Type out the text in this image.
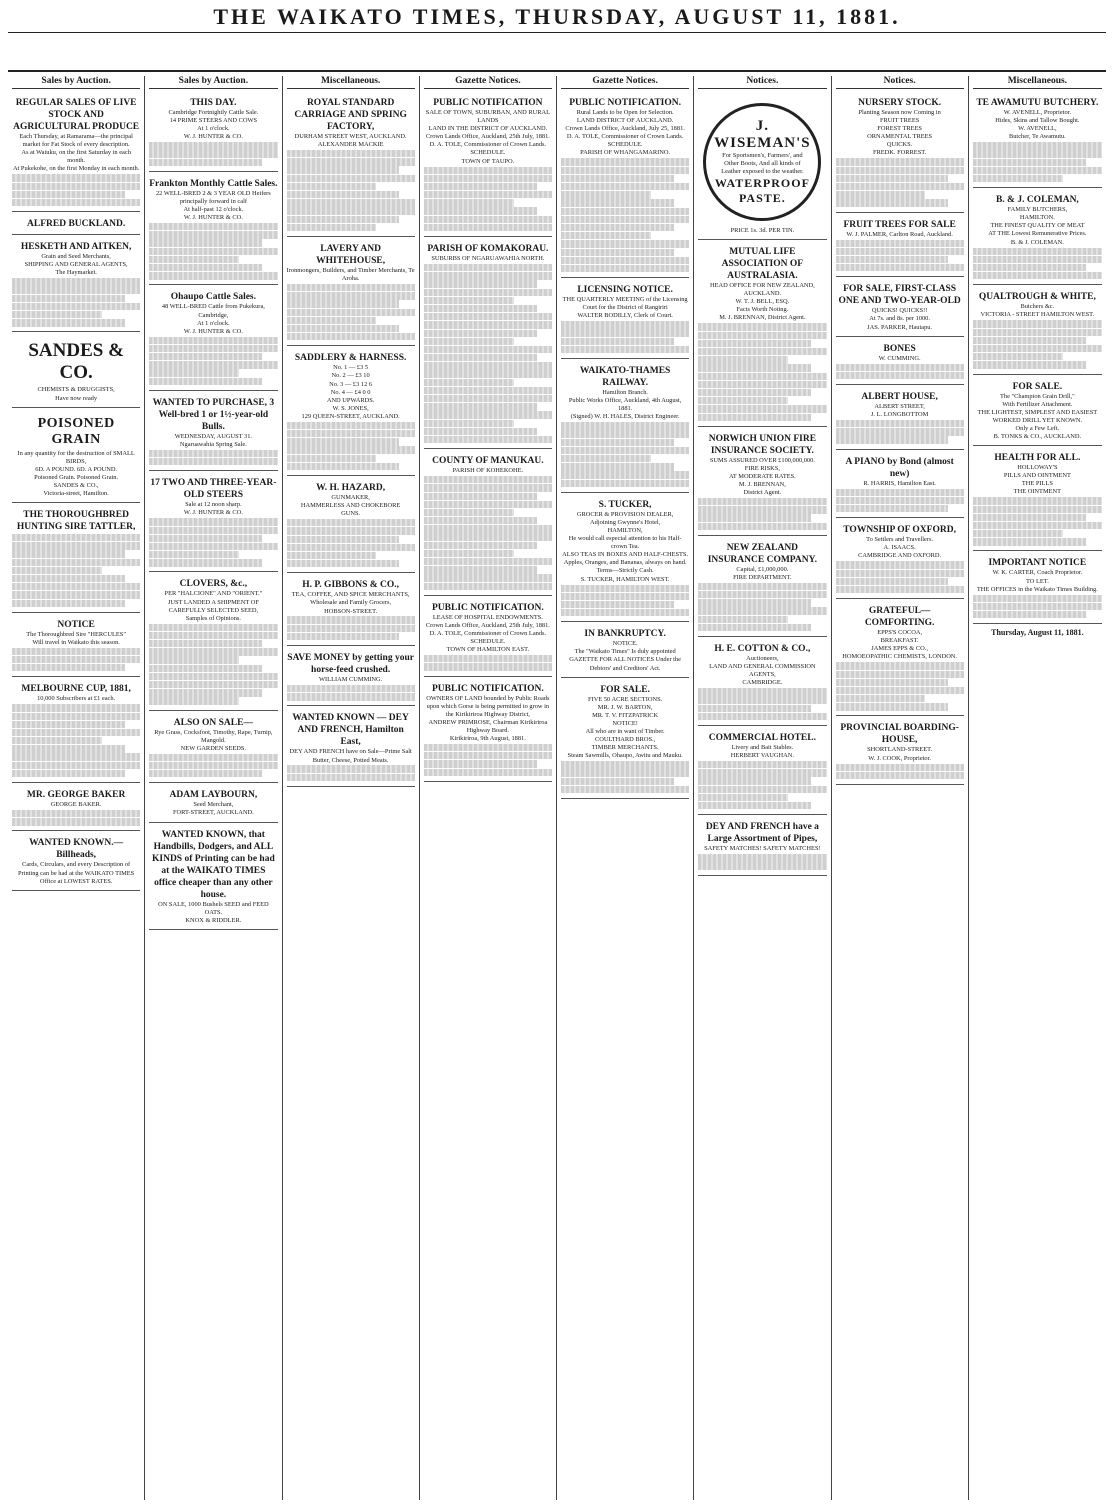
THE WAIKATO TIMES, THURSDAY, AUGUST 11, 1881.
Sales by Auction.
REGULAR SALES OF LIVE STOCK AND AGRICULTURAL PRODUCE
Each Thursday, at Ramarama—the principal market for Fat Stock of every description.
As at Waiuku, on the first Saturday in each month.
At Pukekohe, on the first Monday in each month.
ALFRED BUCKLAND.
HESKETH AND AITKEN,
Grain and Seed Merchants,
SHIPPING AND GENERAL AGENTS,
The Haymarket.
SANDES & CO.
CHEMISTS & DRUGGISTS,
Have now ready
POISONED GRAIN
In any quantity for the destruction of SMALL BIRDS,
6D. A POUND. 6D. A POUND.
Poisoned Grain. Poisoned Grain.
SANDES & CO.,
Victoria-street, Hamilton.
THE THOROUGHBRED HUNTING SIRE TATTLER,
NOTICE
The Thoroughbred Sire "HERCULES"
Will travel in Waikato this season.
MELBOURNE CUP, 1881,
10,000 Subscribers at £1 each.
MR. GEORGE BAKER
GEORGE BAKER.
WANTED KNOWN.—Billheads,
Cards, Circulars, and every Description of Printing can be had at the WAIKATO TIMES Office at LOWEST RATES.
Sales by Auction.
THIS DAY.
Cambridge Fortnightly Cattle Sale.
14 PRIME STEERS AND COWS
At 1 o'clock.
W. J. HUNTER & CO.
Frankton Monthly Cattle Sales.
22 WELL-BRED 2 & 3 YEAR OLD Heifers principally forward in calf
At half-past 12 o'clock.
W. J. HUNTER & CO.
Ohaupo Cattle Sales.
48 WELL-BRED Cattle from Pukekura, Cambridge,
At 1 o'clock.
W. J. HUNTER & CO.
WANTED TO PURCHASE, 3 Well-bred 1 or 1½-year-old Bulls.
WEDNESDAY, AUGUST 31.
Ngaruawahia Spring Sale.
17 TWO AND THREE-YEAR-OLD STEERS
Sale at 12 noon sharp.
W. J. HUNTER & CO.
CLOVERS, &c.,
PER "HALCIONE" AND "ORIENT."
JUST LANDED A SHIPMENT OF CAREFULLY SELECTED SEED,
Samples of Opinions.
ALSO ON SALE—
Rye Grass, Cocksfoot, Timothy, Rape, Turnip, Mangold.
NEW GARDEN SEEDS.
ADAM LAYBOURN,
Seed Merchant,
FORT-STREET, AUCKLAND.
WANTED KNOWN, that Handbills, Dodgers, and ALL KINDS of Printing can be had at the WAIKATO TIMES office cheaper than any other house.
ON SALE, 1000 Bushels SEED and FEED OATS.
KNOX & RIDDLER.
Miscellaneous.
ROYAL STANDARD CARRIAGE AND SPRING FACTORY,
DURHAM STREET WEST, AUCKLAND.
ALEXANDER MACKIE
LAVERY AND WHITEHOUSE,
Ironmongers, Builders, and Timber Merchants, Te Aroha.
SADDLERY & HARNESS.
No. 1 — £3 5
No. 2 — £3 10
No. 3 — £3 12 6
No. 4 — £4 0 0
AND UPWARDS.
W. S. JONES,
129 QUEEN-STREET, AUCKLAND.
W. H. HAZARD,
GUNMAKER,
HAMMERLESS AND CHOKEBORE
GUNS.
H. P. GIBBONS & CO.,
TEA, COFFEE, AND SPICE MERCHANTS,
Wholesale and Family Grocers,
HOBSON-STREET.
SAVE MONEY by getting your horse-feed crushed.
WILLIAM CUMMING.
WANTED KNOWN — DEY AND FRENCH, Hamilton East,
DEY AND FRENCH have on Sale—Prime Salt Butter, Cheese, Potted Meats.
Gazette Notices.
PUBLIC NOTIFICATION
SALE OF TOWN, SUBURBAN, AND RURAL LANDS
LAND IN THE DISTRICT OF AUCKLAND.
Crown Lands Office, Auckland, 25th July, 1881.
D. A. TOLE, Commissioner of Crown Lands.
SCHEDULE.
TOWN OF TAUPO.
PARISH OF KOMAKORAU.
SUBURBS OF NGARUAWAHIA NORTH.
COUNTY OF MANUKAU.
PARISH OF KOHEKOHE.
PUBLIC NOTIFICATION.
LEASE OF HOSPITAL ENDOWMENTS.
Crown Lands Office, Auckland, 25th July, 1881.
D. A. TOLE, Commissioner of Crown Lands.
SCHEDULE.
TOWN OF HAMILTON EAST.
PUBLIC NOTIFICATION.
OWNERS OF LAND bounded by Public Roads upon which Gorse is being permitted to grow in the Kirikiriroa Highway District,
ANDREW PRIMROSE, Chairman Kirikiriroa Highway Board.
Kirikiriroa, 9th August, 1881.
Gazette Notices.
PUBLIC NOTIFICATION.
Rural Lands to be Open for Selection.
LAND DISTRICT OF AUCKLAND.
Crown Lands Office, Auckland, July 25, 1881.
D. A. TOLE, Commissioner of Crown Lands.
SCHEDULE.
PARISH OF WHANGAMARINO.
LICENSING NOTICE.
THE QUARTERLY MEETING of the Licensing Court for the District of Rangiriri
WALTER BODILLY, Clerk of Court.
WAIKATO-THAMES RAILWAY.
Hamilton Branch.
Public Works Office, Auckland, 4th August, 1881.
(Signed) W. H. HALES, District Engineer.
S. TUCKER,
GROCER & PROVISION DEALER,
Adjoining Gwynne's Hotel,
HAMILTON,
He would call especial attention to his Half-crown Tea.
ALSO TEAS IN BOXES AND HALF-CHESTS.
Apples, Oranges, and Bananas, always on hand.
Terms—Strictly Cash.
S. TUCKER, HAMILTON WEST.
IN BANKRUPTCY.
NOTICE.
The "Waikato Times" Is duly appointed
GAZETTE FOR ALL NOTICES Under the Debtors' and Creditors' Act.
FOR SALE.
FIVE 50 ACRE SECTIONS.
MR. J. W. BARTON,
MR. T. V. FITZPATRICK
NOTICE!
All who are in want of Timber.
COULTHARD BROS.,
TIMBER MERCHANTS.
Steam Sawmills, Ohaupo, Awitu and Mauku.
Notices.
J. WISEMAN'S
For Sportsmen's, Farmers', and Other Boots, And all kinds of Leather exposed to the weather.
WATERPROOF PASTE.
PRICE 1s. 3d. PER TIN.
MUTUAL LIFE ASSOCIATION OF AUSTRALASIA.
HEAD OFFICE FOR NEW ZEALAND, AUCKLAND.
W. T. J. BELL, ESQ.
Facts Worth Noting.
M. J. BRENNAN, District Agent.
NORWICH UNION FIRE INSURANCE SOCIETY.
SUMS ASSURED OVER £100,000,000.
FIRE RISKS,
AT MODERATE RATES.
M. J. BRENNAN,
District Agent.
NEW ZEALAND INSURANCE COMPANY.
Capital, £1,000,000.
FIRE DEPARTMENT.
H. E. COTTON & CO.,
Auctioneers,
LAND AND GENERAL COMMISSION AGENTS,
CAMBRIDGE.
COMMERCIAL HOTEL.
Livery and Bait Stables.
HERBERT VAUGHAN.
DEY AND FRENCH have a Large Assortment of Pipes,
SAFETY MATCHES! SAFETY MATCHES!
Notices.
NURSERY STOCK.
Planting Season now Coming in
FRUIT TREES
FOREST TREES
ORNAMENTAL TREES
QUICKS.
FREDK. FORREST.
FRUIT TREES FOR SALE
W. J. PALMER, Carlton Road, Auckland.
FOR SALE, FIRST-CLASS ONE AND TWO-YEAR-OLD
QUICKS! QUICKS!!
At 7s. and 8s. per 1000.
JAS. PARKER, Hautapu.
BONES
W. CUMMING.
ALBERT HOUSE,
ALBERT STREET,
J. L. LONGBOTTOM
A PIANO by Bond (almost new)
R. HARRIS, Hamilton East.
TOWNSHIP OF OXFORD,
To Settlers and Travellers.
A. ISAACS.
CAMBRIDGE AND OXFORD.
GRATEFUL—COMFORTING.
EPPS'S COCOA,
BREAKFAST.
JAMES EPPS & CO.,
HOMOEOPATHIC CHEMISTS, LONDON.
PROVINCIAL BOARDING-HOUSE,
SHORTLAND-STREET.
W. J. COOK, Proprietor.
Miscellaneous.
TE AWAMUTU BUTCHERY.
W. AVENELL, Proprietor.
Hides, Skins and Tallow Bought.
W. AVENELL,
Butcher, Te Awamutu.
B. & J. COLEMAN,
FAMILY BUTCHERS,
HAMILTON.
THE FINEST QUALITY OF MEAT
AT THE Lowest Remunerative Prices.
B. & J. COLEMAN.
QUALTROUGH & WHITE,
Butchers &c.
VICTORIA - STREET HAMILTON WEST.
FOR SALE.
The "Champion Grain Drill,"
With Fertilizer Attachment.
THE LIGHTEST, SIMPLEST AND EASIEST WORKED DRILL YET KNOWN.
Only a Few Left.
B. TONKS & CO., AUCKLAND.
HEALTH FOR ALL.
HOLLOWAY'S
PILLS AND OINTMENT
THE PILLS
THE OINTMENT
IMPORTANT NOTICE
W. K. CARTER, Coach Proprietor.
TO LET.
THE OFFICES in the Waikato Times Building.
Thursday, August 11, 1881.
